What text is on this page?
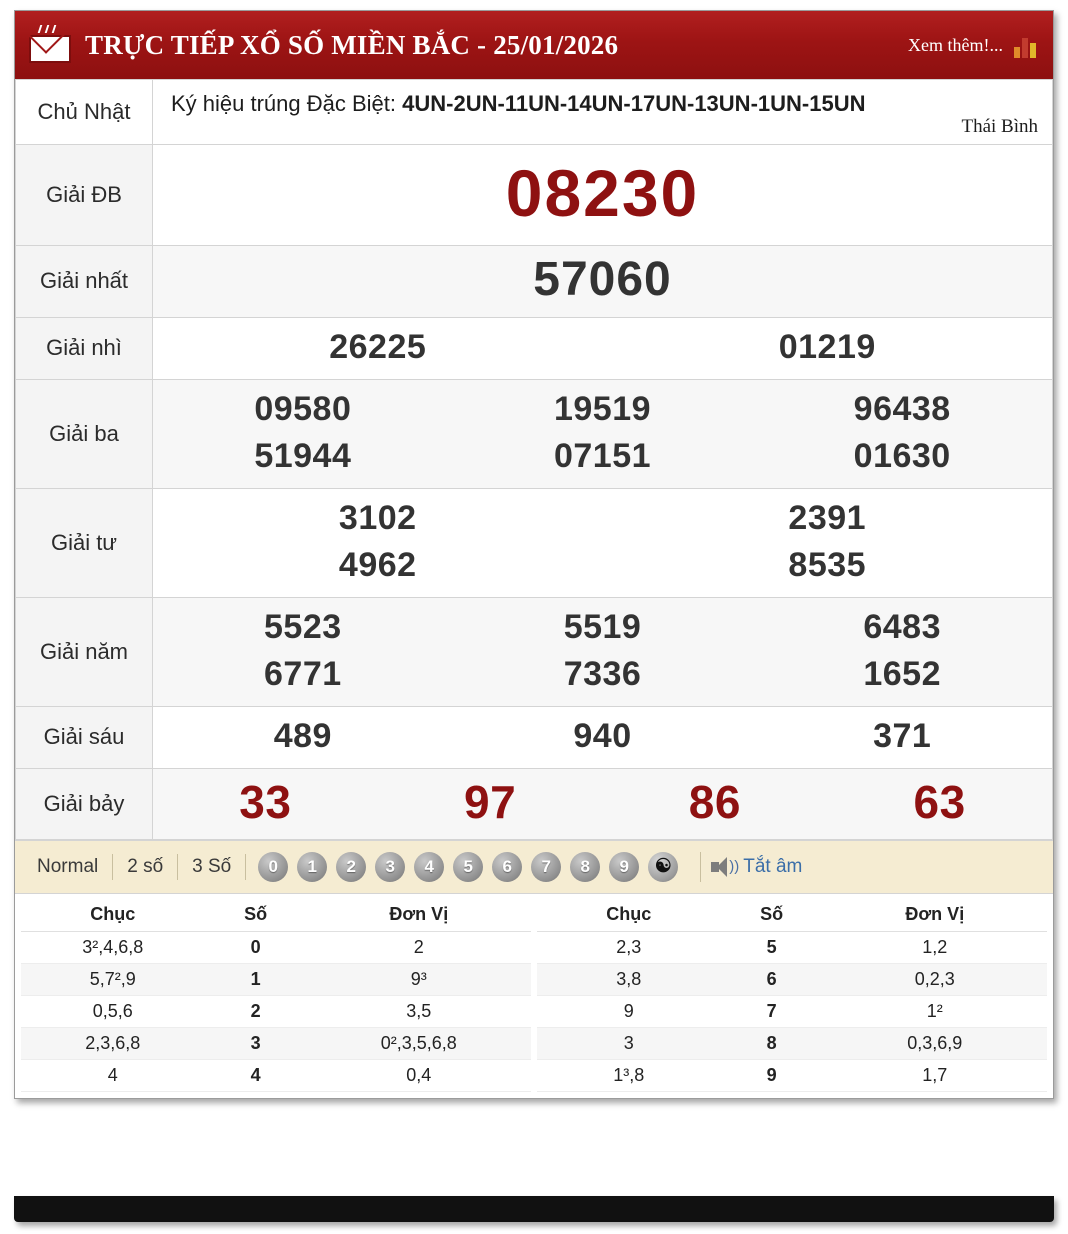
TRỰC TIẾP XỔ SỐ MIỀN BẮC - 25/01/2026	Xem thêm!...
Chủ Nhật	Ký hiệu trúng Đặc Biệt: 4UN-2UN-11UN-14UN-17UN-13UN-1UN-15UN
Thái Bình

Giải ĐB	08230
Giải nhất	57060
Giải nhì	26225 01219

Giải ba	
09580	19519	96438
51944	07151	01630

Giải tư	3102 2391
4962 8535

Giải năm	
5523	5519	6483
6771	7336	1652

Giải sáu	489 940 371

Giải bảy	33 97 86 63
Normal	2 số	3 Số	0	1	2	3	4	5	6	7	8	9	☯	)) Tắt âm
Chục	Số	Đơn Vị
3²,4,6,8	0	2
5,7²,9	1	9³
0,5,6	2	3,5
2,3,6,8	3	0²,3,5,6,8
4	4	0,4
Chục	Số	Đơn Vị
2,3	5	1,2
3,8	6	0,2,3
9	7	1²
3	8	0,3,6,9
1³,8	9	1,7
